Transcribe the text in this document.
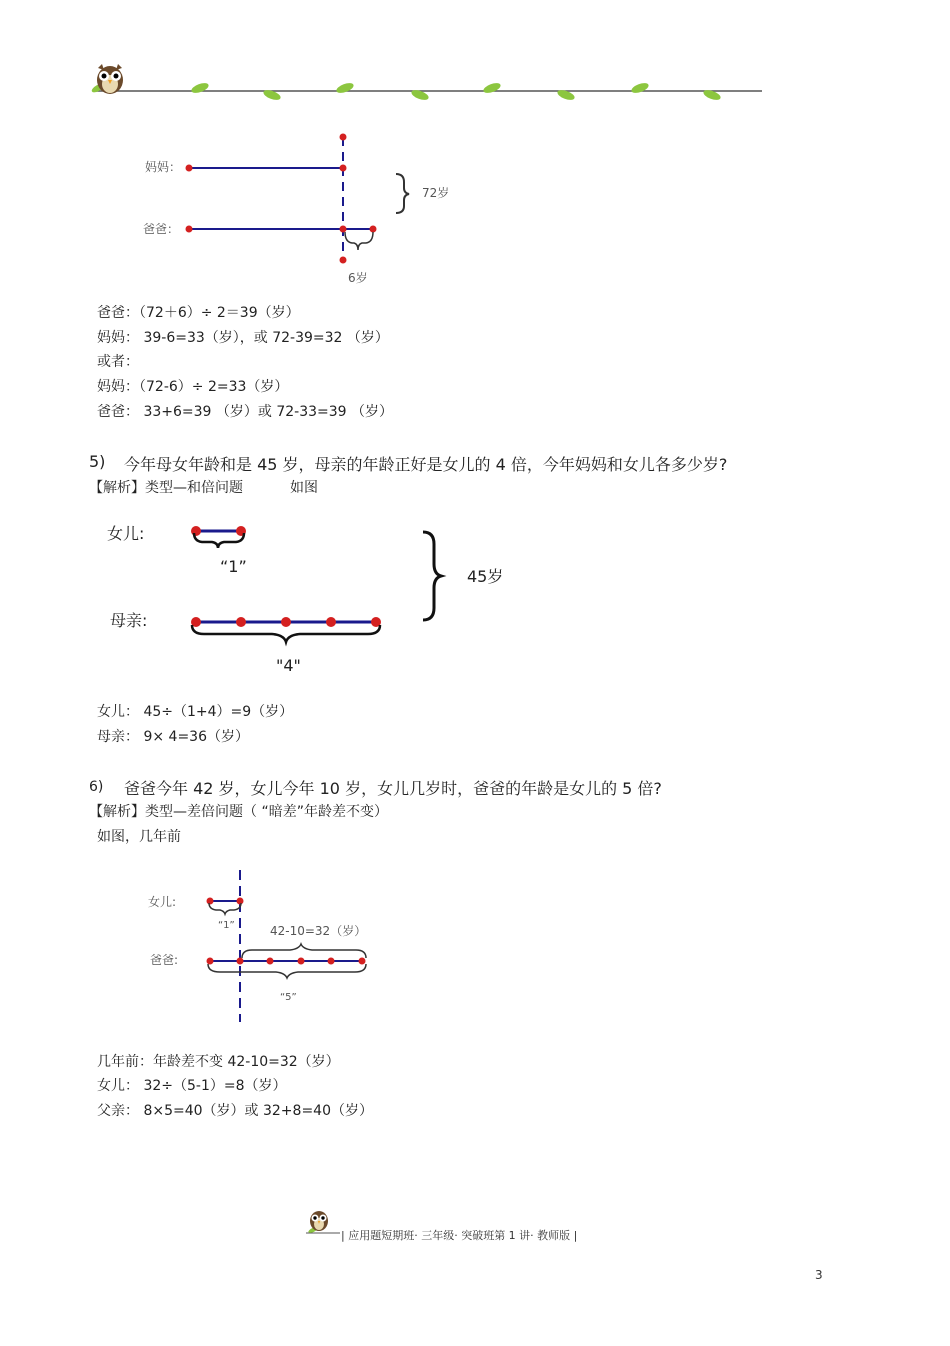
妈妈：
爸爸：
72岁
6岁
爸爸：（72＋6）÷ 2＝39（岁）
妈妈： 39-6=33（岁），或 72-39=32 （岁）
或者：
妈妈：（72-6）÷ 2=33（岁）
爸爸： 33+6=39 （岁）或 72-33=39 （岁）
5) 今年母女年龄和是 45 岁，母亲的年龄正好是女儿的 4 倍，今年妈妈和女儿各多少岁?
【解析】类型—和倍问题	如图
女儿:
母亲:
“1”
"4"
45岁
女儿： 45÷（1+4）=9（岁）
母亲： 9× 4=36（岁）
6) 爸爸今年 42 岁，女儿今年 10 岁，女儿几岁时，爸爸的年龄是女儿的 5 倍?
【解析】类型—差倍问题（ “暗差”年龄差不变）
如图，几年前
女儿:
爸爸:
“1”
“5”
42-10=32（岁）
几年前：年龄差不变 42-10=32（岁）
女儿： 32÷（5-1）=8（岁）
父亲： 8×5=40（岁）或 32+8=40（岁）
| 应用题短期班· 三年级· 突破班第 1 讲· 教师版 |
3
